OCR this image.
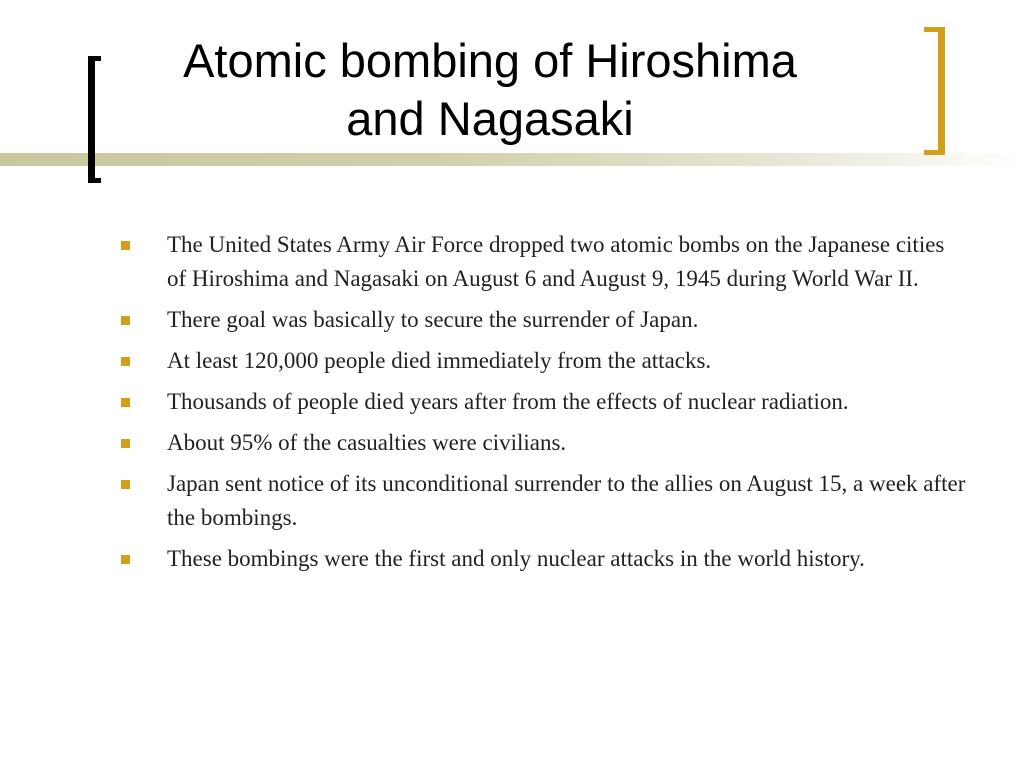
Atomic bombing of Hiroshima
and Nagasaki
The United States Army Air Force dropped two atomic bombs on the Japanese cities of Hiroshima and Nagasaki on August 6 and August 9, 1945 during World War II.
There goal was basically to secure the surrender of Japan.
At least 120,000 people died immediately from the attacks.
Thousands of people died years after from the effects of nuclear radiation.
About 95% of the casualties were civilians.
Japan sent notice of its unconditional surrender to the allies on August 15, a week after the bombings.
These bombings were the first and only nuclear attacks in the world history.
